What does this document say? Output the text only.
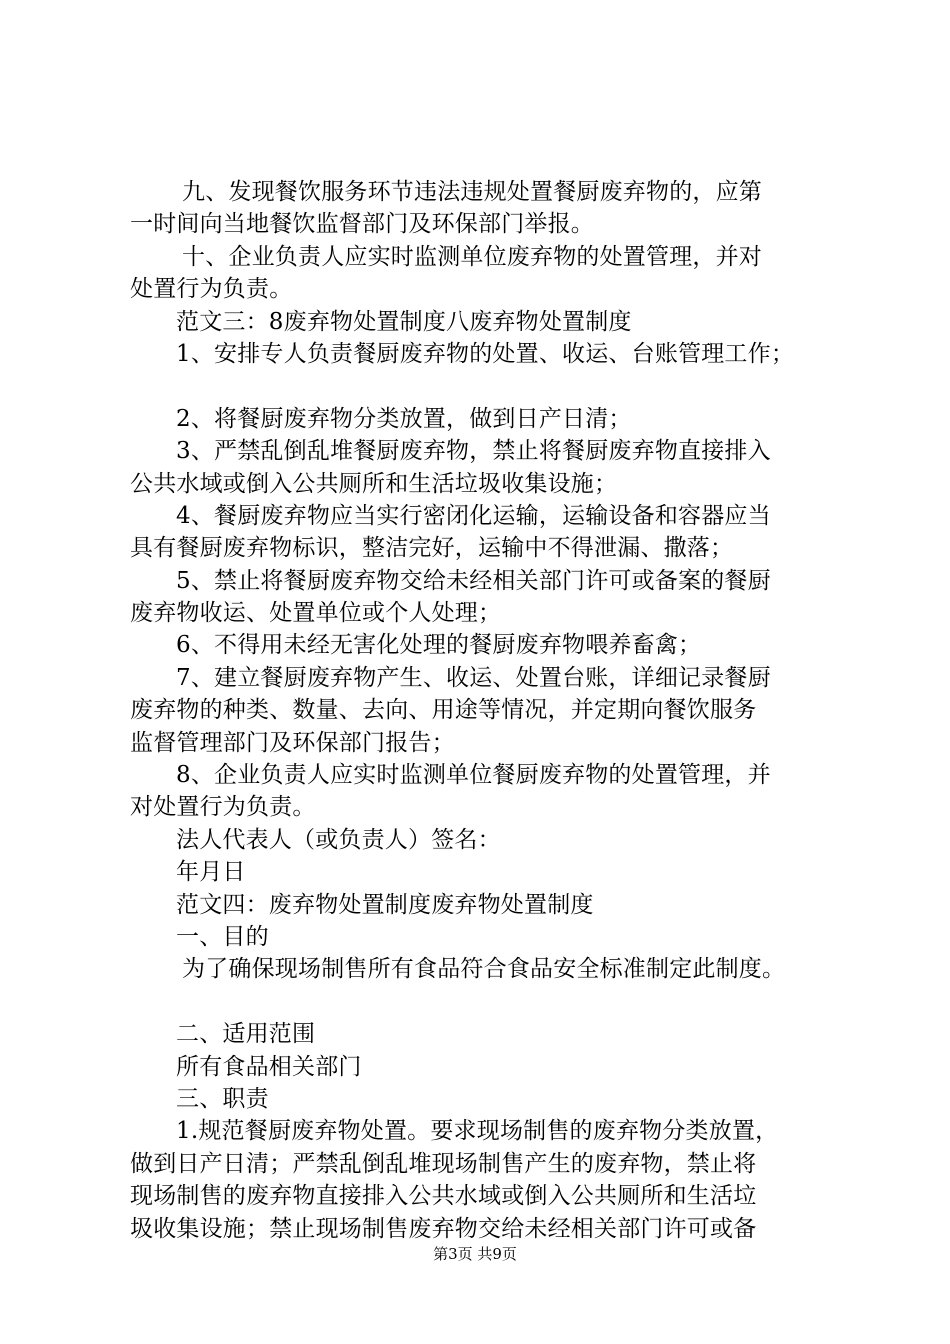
九、发现餐饮服务环节违法违规处置餐厨废弃物的，应第
一时间向当地餐饮监督部门及环保部门举报。
十、企业负责人应实时监测单位废弃物的处置管理，并对
处置行为负责。
范文三：8废弃物处置制度八废弃物处置制度
1、安排专人负责餐厨废弃物的处置、收运、台账管理工作；
2、将餐厨废弃物分类放置，做到日产日清；
3、严禁乱倒乱堆餐厨废弃物，禁止将餐厨废弃物直接排入
公共水域或倒入公共厕所和生活垃圾收集设施；
4、餐厨废弃物应当实行密闭化运输，运输设备和容器应当
具有餐厨废弃物标识，整洁完好，运输中不得泄漏、撒落；
5、禁止将餐厨废弃物交给未经相关部门许可或备案的餐厨
废弃物收运、处置单位或个人处理；
6、不得用未经无害化处理的餐厨废弃物喂养畜禽；
7、建立餐厨废弃物产生、收运、处置台账，详细记录餐厨
废弃物的种类、数量、去向、用途等情况，并定期向餐饮服务
监督管理部门及环保部门报告；
8、企业负责人应实时监测单位餐厨废弃物的处置管理，并
对处置行为负责。
法人代表人（或负责人）签名：
年月日
范文四：废弃物处置制度废弃物处置制度
一、目的
为了确保现场制售所有食品符合食品安全标准制定此制度。
二、适用范围
所有食品相关部门
三、职责
1.规范餐厨废弃物处置。要求现场制售的废弃物分类放置，
做到日产日清；严禁乱倒乱堆现场制售产生的废弃物，禁止将
现场制售的废弃物直接排入公共水域或倒入公共厕所和生活垃
圾收集设施；禁止现场制售废弃物交给未经相关部门许可或备
第3页 共9页
